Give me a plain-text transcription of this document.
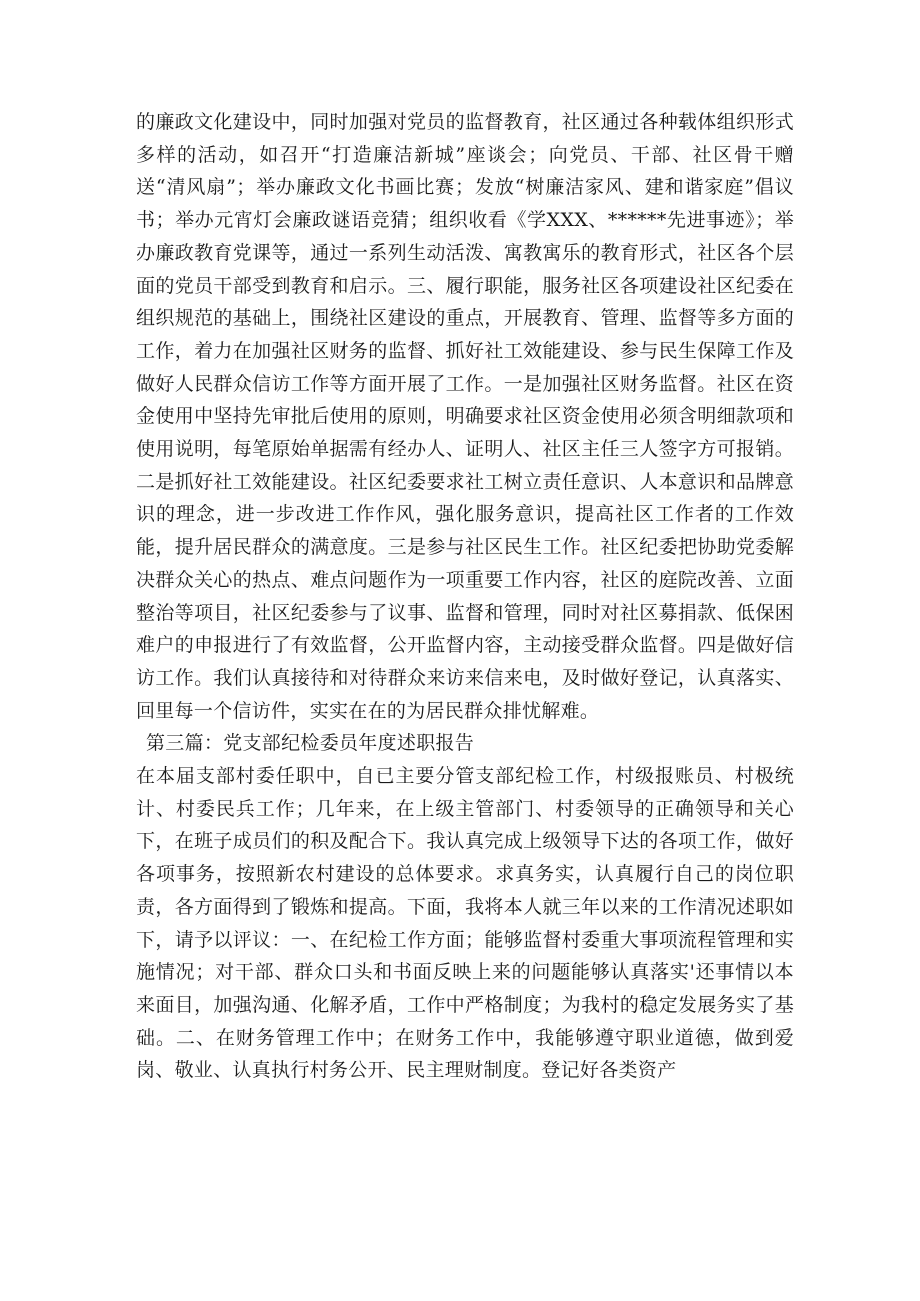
的廉政文化建设中，同时加强对党员的监督教育，社区通过各种载体组织形式多样的活动，如召开“打造廉洁新城”座谈会；向党员、干部、社区骨干赠送“清风扇”；举办廉政文化书画比赛；发放“树廉洁家风、建和谐家庭”倡议书；举办元宵灯会廉政谜语竞猜；组织收看《学XXX、******先进事迹》；举办廉政教育党课等，通过一系列生动活泼、寓教寓乐的教育形式，社区各个层面的党员干部受到教育和启示。三、履行职能，服务社区各项建设社区纪委在组织规范的基础上，围绕社区建设的重点，开展教育、管理、监督等多方面的工作，着力在加强社区财务的监督、抓好社工效能建设、参与民生保障工作及做好人民群众信访工作等方面开展了工作。一是加强社区财务监督。社区在资金使用中坚持先审批后使用的原则，明确要求社区资金使用必须含明细款项和使用说明，每笔原始单据需有经办人、证明人、社区主任三人签字方可报销。二是抓好社工效能建设。社区纪委要求社工树立责任意识、人本意识和品牌意识的理念，进一步改进工作作风，强化服务意识，提高社区工作者的工作效能，提升居民群众的满意度。三是参与社区民生工作。社区纪委把协助党委解决群众关心的热点、难点问题作为一项重要工作内容，社区的庭院改善、立面整治等项目，社区纪委参与了议事、监督和管理，同时对社区募捐款、低保困难户的申报进行了有效监督，公开监督内容，主动接受群众监督。四是做好信访工作。我们认真接待和对待群众来访来信来电，及时做好登记，认真落实、回里每一个信访件，实实在在的为居民群众排忧解难。

第三篇：党支部纪检委员年度述职报告

在本届支部村委任职中，自已主要分管支部纪检工作，村级报账员、村极统计、村委民兵工作；几年来，在上级主管部门、村委领导的正确领导和关心下，在班子成员们的积及配合下。我认真完成上级领导下达的各项工作，做好各项事务，按照新农村建设的总体要求。求真务实，认真履行自己的岗位职责，各方面得到了锻炼和提高。下面，我将本人就三年以来的工作清况述职如下，请予以评议：一、在纪检工作方面；能够监督村委重大事项流程管理和实施情况；对干部、群众口头和书面反映上来的问题能够认真落实'还事情以本来面目，加强沟通、化解矛盾，工作中严格制度；为我村的稳定发展务实了基础。二、在财务管理工作中；在财务工作中，我能够遵守职业道德，做到爱岗、敬业、认真执行村务公开、民主理财制度。登记好各类资产
